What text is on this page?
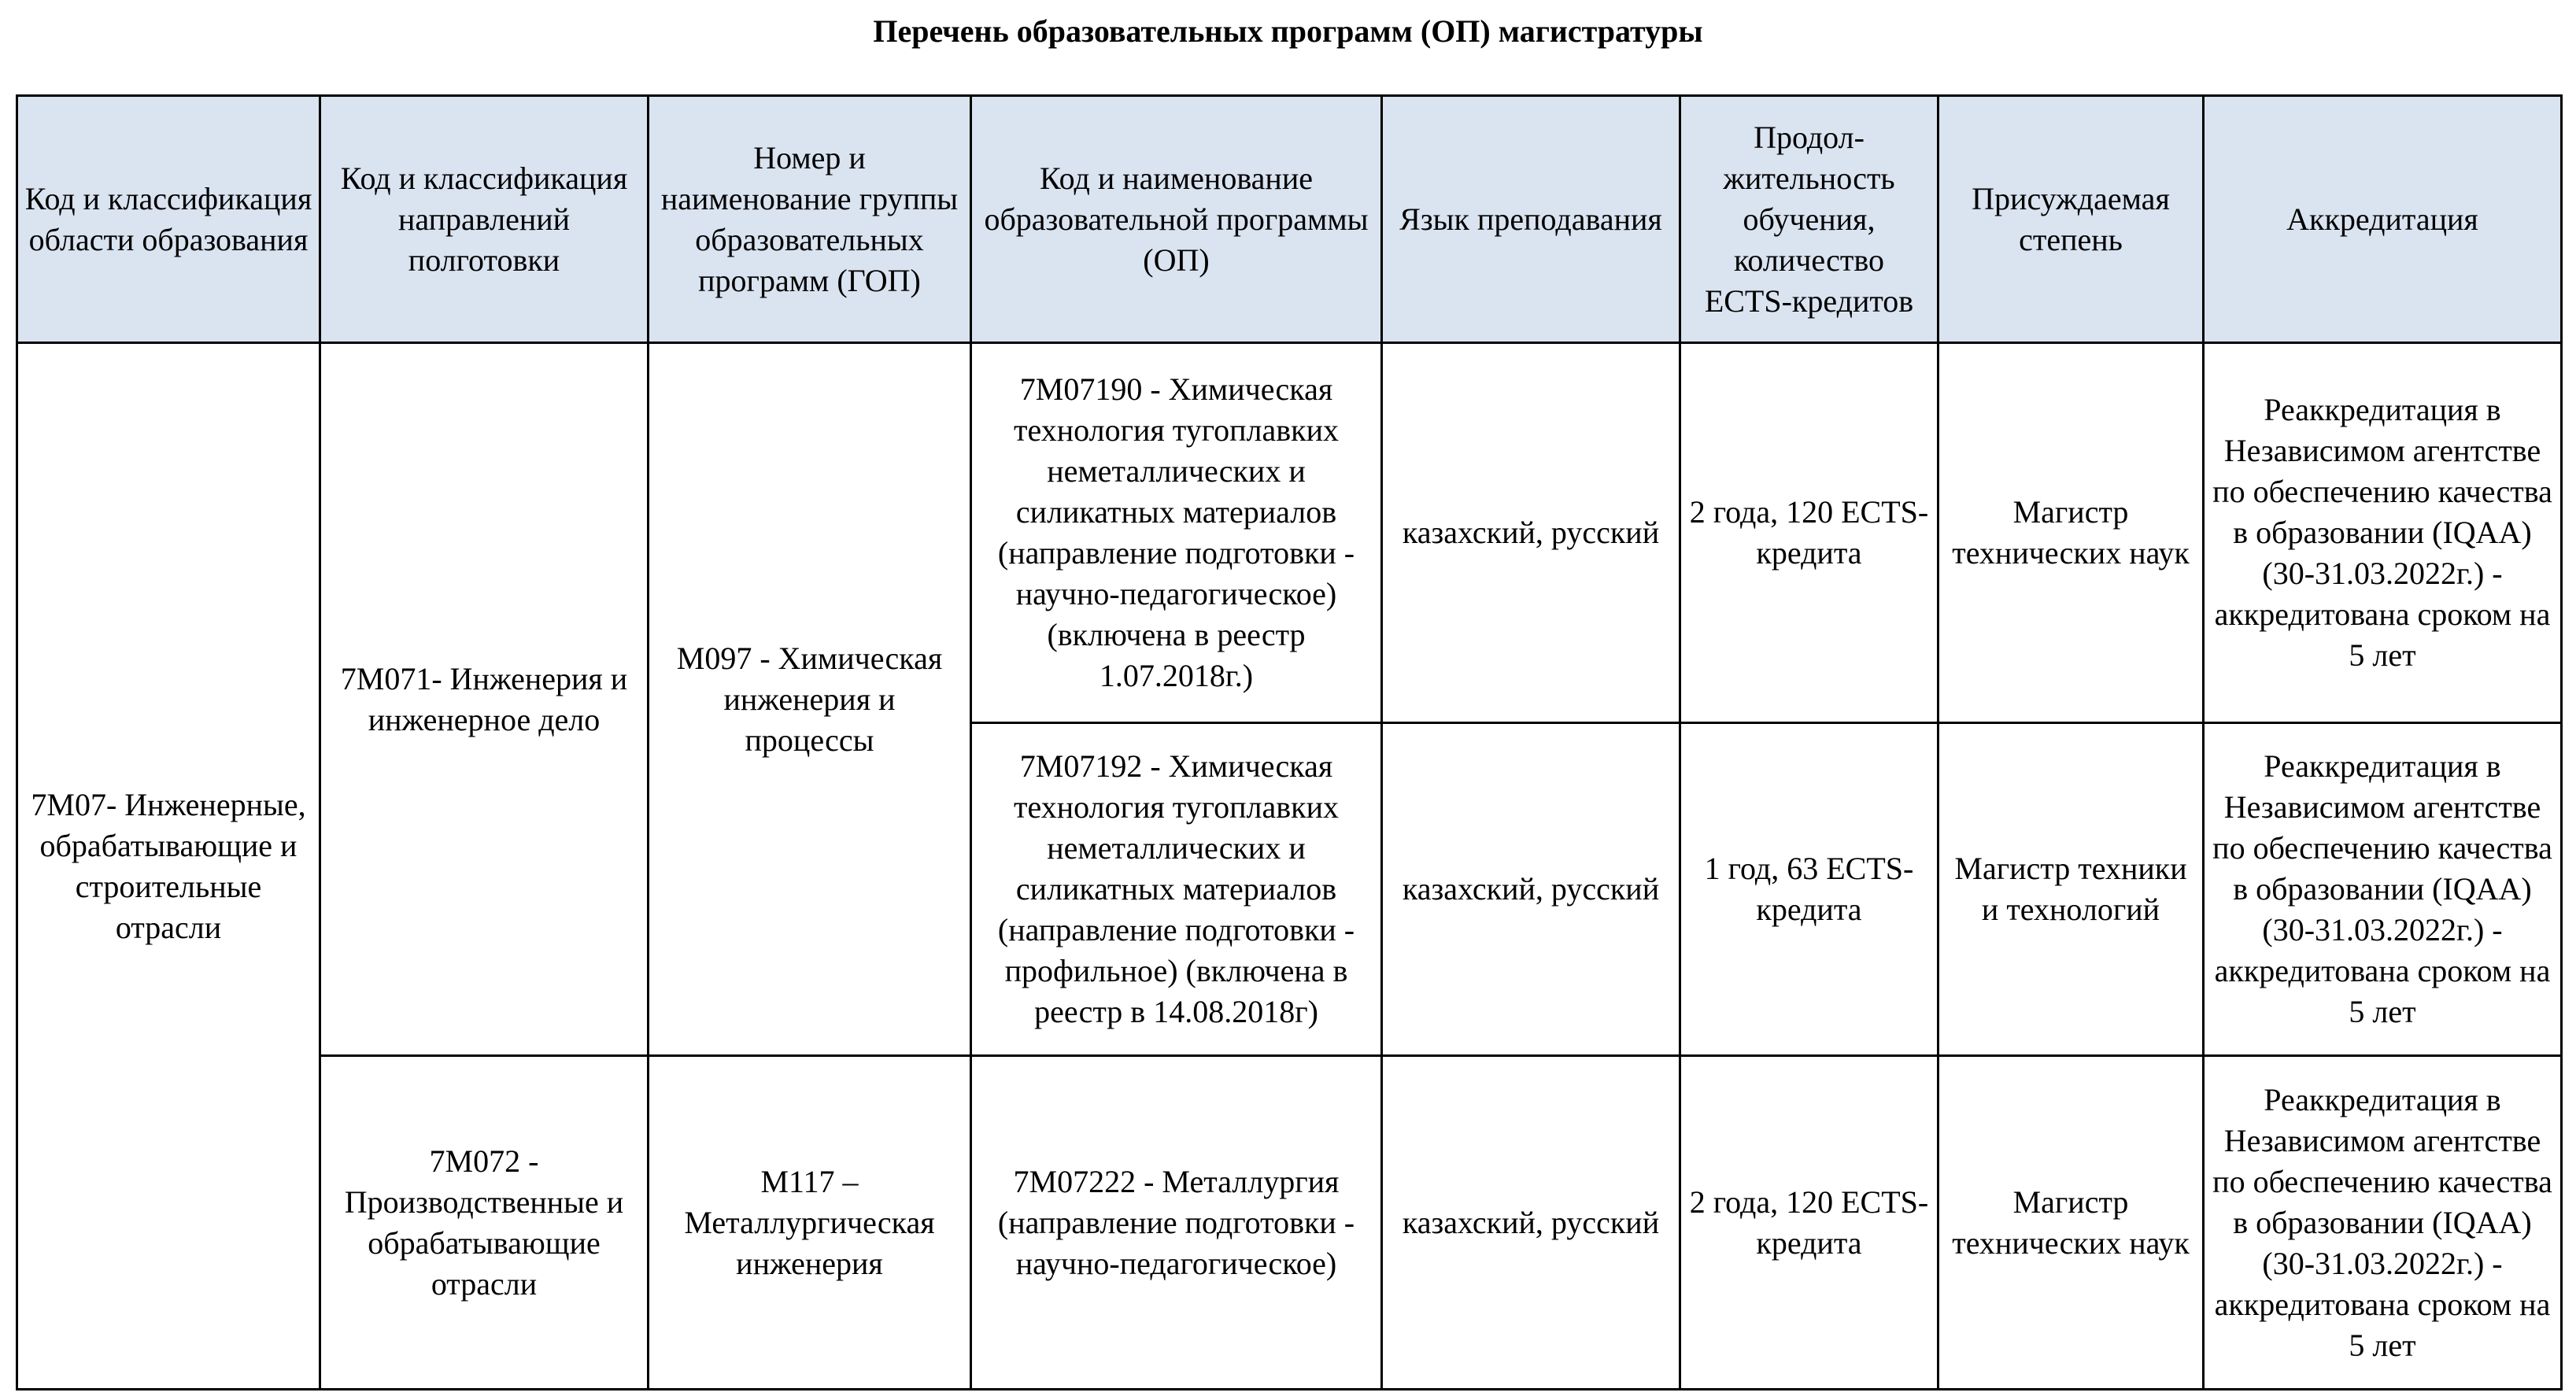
Перечень образовательных программ (ОП) магистратуры
Код и классификация области образования	Код и классификация направлений полготовки	Номер и наименование группы образовательных программ (ГОП)	Код и наименование образовательной программы (ОП)	Язык преподавания	Продол-жительность обучения, количество ECTS-кредитов	Присуждаемая степень	Аккредитация
7M07- Инженерные, обрабатывающие и строительные отрасли	7M071- Инженерия и инженерное дело	M097 - Химическая инженерия и процессы	7M07190 - Химическая технология тугоплавких неметаллических и силикатных материалов (направление подготовки - научно-педагогическое) (включена в реестр 1.07.2018г.)	казахский, русский	2 года, 120 ECTS-кредита	Магистр технических наук	Реаккредитация в Независимом агентстве по обеспечению качества в образовании (IQAA) (30-31.03.2022г.) - аккредитована сроком на 5 лет
			7M07192 - Химическая технология тугоплавких неметаллических и силикатных материалов (направление подготовки - профильное) (включена в реестр в 14.08.2018г)	казахский, русский	1 год, 63 ECTS-кредита	Магистр техники и технологий	Реаккредитация в Независимом агентстве по обеспечению качества в образовании (IQAA) (30-31.03.2022г.) - аккредитована сроком на 5 лет
	7M072 - Производственные и обрабатывающие отрасли	M117 – Металлургическая инженерия	7M07222 - Металлургия (направление подготовки - научно-педагогическое)	казахский, русский	2 года, 120 ECTS-кредита	Магистр технических наук	Реаккредитация в Независимом агентстве по обеспечению качества в образовании (IQAA) (30-31.03.2022г.) - аккредитована сроком на 5 лет
